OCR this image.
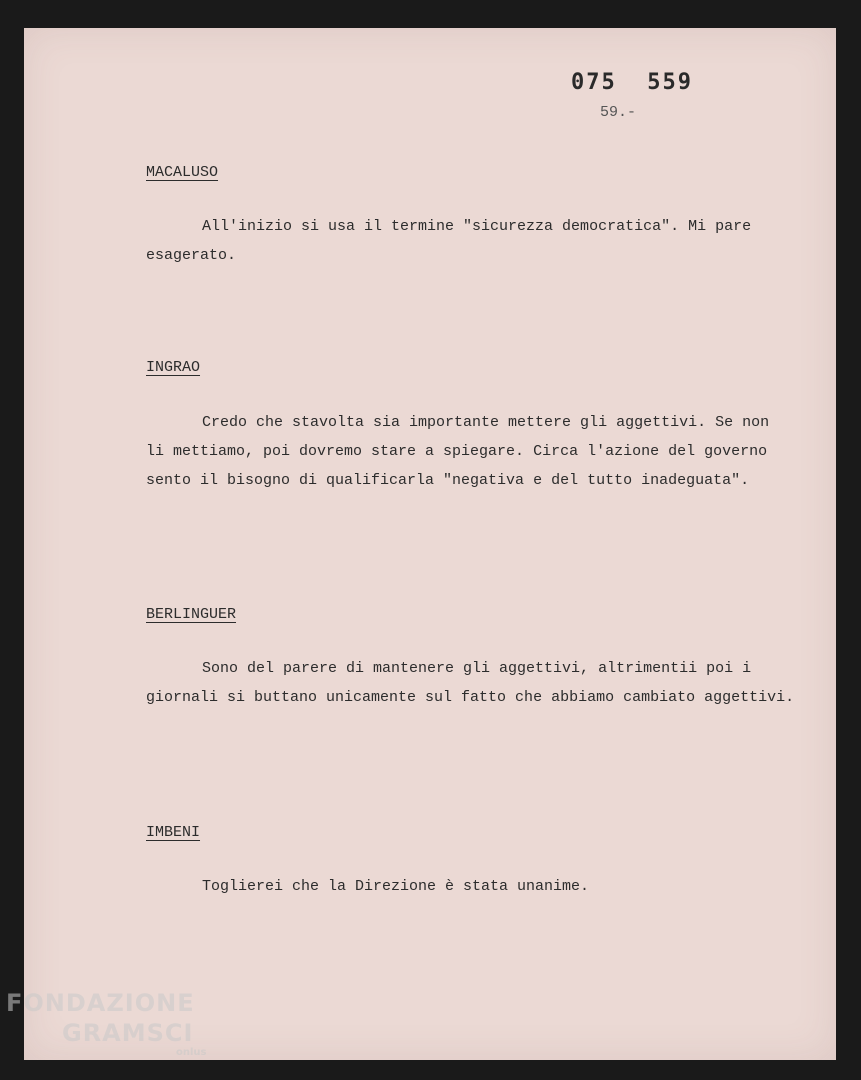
075  559
59.-
MACALUSO

All'inizio si usa il termine "sicurezza democratica". Mi pare esagerato.

INGRAO

Credo che stavolta sia importante mettere gli aggettivi. Se non li mettiamo, poi dovremo stare a spiegare. Circa l'azione del governo sento il bisogno di qualificarla "negativa e del tutto inadeguata".

BERLINGUER

Sono del parere di mantenere gli aggettivi, altrimentii poi i giornali si buttano unicamente sul fatto che abbiamo cambiato aggettivi.

IMBENI

Toglierei che la Direzione è stata unanime.

FONDAZIONE
GRAMSCI
onlus
